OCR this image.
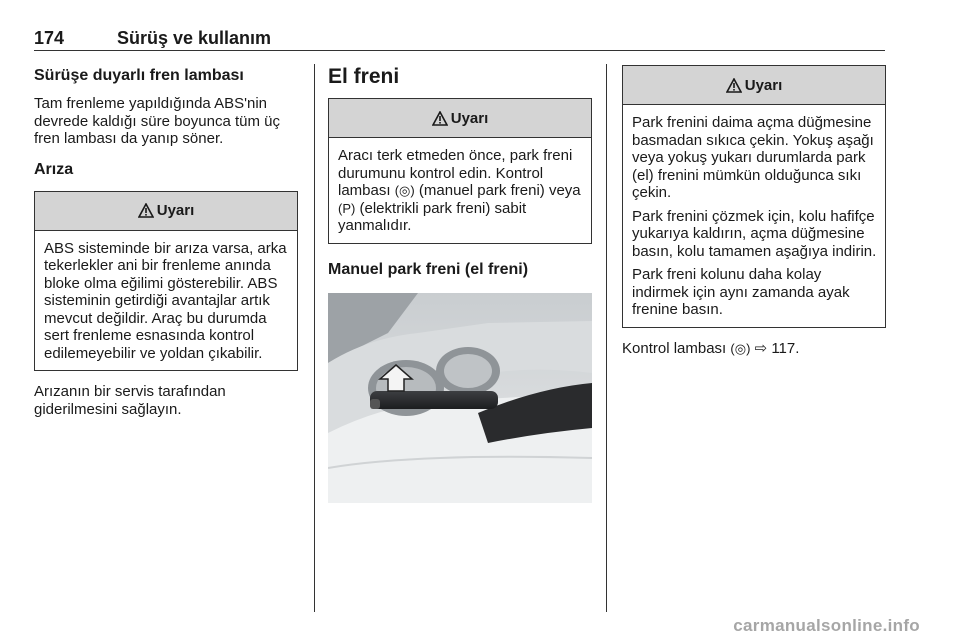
174	Sürüş ve kullanım
Sürüşe duyarlı fren lambası

Tam frenleme yapıldığında ABS'nin devrede kaldığı süre boyunca tüm üç fren lambası da yanıp söner.

Arıza
Uyarı

ABS sisteminde bir arıza varsa, arka tekerlekler ani bir frenleme anında bloke olma eğilimi gösterebilir. ABS sisteminin getirdiği avantajlar artık mevcut değildir. Araç bu durumda sert frenleme esnasında kontrol edilemeyebilir ve yoldan çıkabilir.

Arızanın bir servis tarafından giderilmesini sağlayın.

El freni
Uyarı

Aracı terk etmeden önce, park freni durumunu kontrol edin. Kontrol lambası (◎) (manuel park freni) veya (P) (elektrikli park freni) sabit yanmalıdır.

Manuel park freni (el freni)
Uyarı

Park frenini daima açma düğmesine basmadan sıkıca çekin. Yokuş aşağı veya yokuş yukarı durumlarda park (el) frenini mümkün olduğunca sıkı çekin.

Park frenini çözmek için, kolu hafifçe yukarıya kaldırın, açma düğmesine basın, kolu tamamen aşağıya indirin.

Park freni kolunu daha kolay indirmek için aynı zamanda ayak frenine basın.

Kontrol lambası (◎) ⇨ 117.

carmanualsonline.info
